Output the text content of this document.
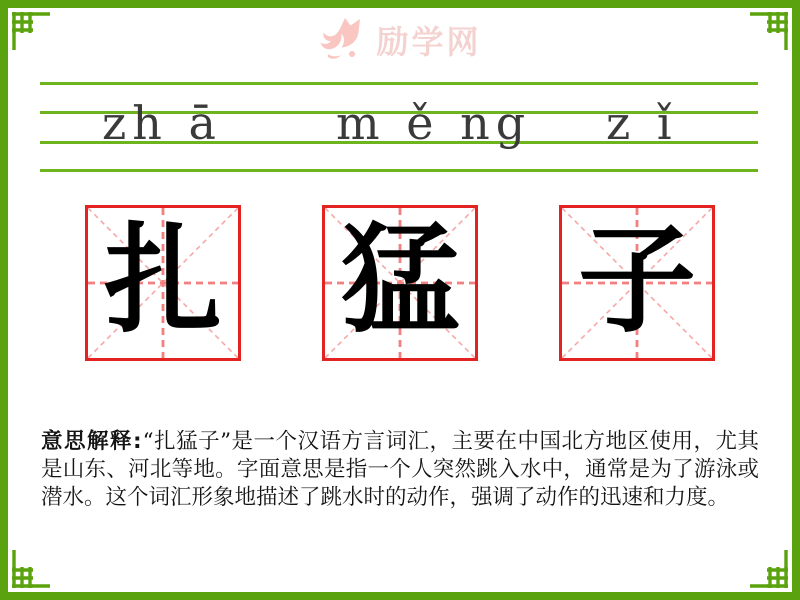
励学网
zh ā m ě ng z ǐ
扎 猛 子

意思解释:“扎猛子”是一个汉语方言词汇，主要在中国北方地区使用，尤其是山东、河北等地。字面意思是指一个人突然跳入水中，通常是为了游泳或潜水。这个词汇形象地描述了跳水时的动作，强调了动作的迅速和力度。
